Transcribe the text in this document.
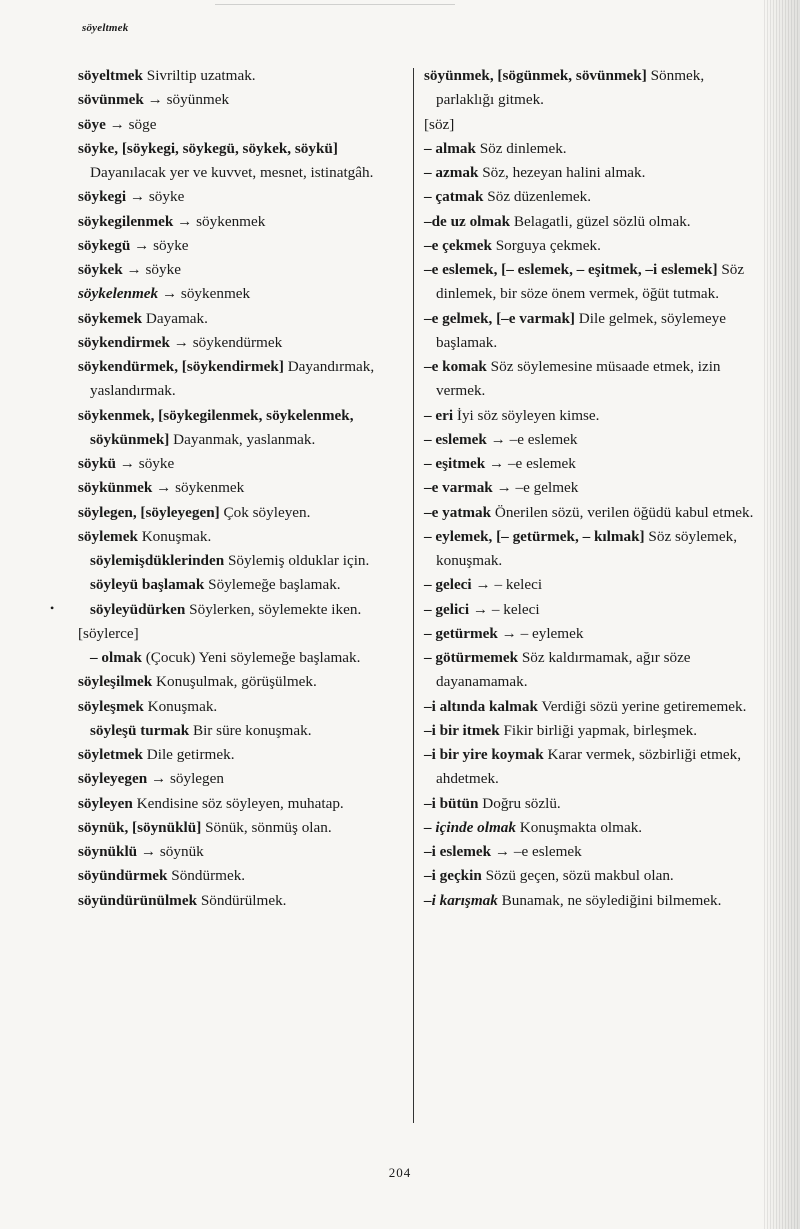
söyeltmek
söyeltmek Sivriltip uzatmak.
sövünmek → söyünmek
söye → söge
söyke, [söykegi, söykegü, söykek, söykü] Dayanılacak yer ve kuvvet, mesnet, istinatgâh.
söykegi → söyke
söykegilenmek → söykenmek
söykegü → söyke
söykek → söyke
söykelenmek → söykenmek
söykemek Dayamak.
söykendirmek → söykendürmek
söykendürmek, [söykendirmek] Dayandırmak, yaslandırmak.
söykenmek, [söykegilenmek, söykelenmek, söykünmek] Dayanmak, yaslanmak.
söykü → söyke
söykünmek → söykenmek
söylegen, [söyleyegen] Çok söyleyen.
söylemek Konuşmak.
söylemişdüklerinden Söylemiş olduklar için.
söyleyü başlamak Söylemeğe başlamak.
söyleyüdürken Söylerken, söylemekte iken.
[söylerce]
– olmak (Çocuk) Yeni söylemeğe başlamak.
söyleşilmek Konuşulmak, görüşülmek.
söyleşmek Konuşmak.
söyleşü turmak Bir süre konuşmak.
söyletmek Dile getirmek.
söyleyegen → söylegen
söyleyen Kendisine söz söyleyen, muhatap.
söynük, [söynüklü] Sönük, sönmüş olan.
söynüklü → söynük
söyündürmek Söndürmek.
söyündürünülmek Söndürülmek.
söyünmek, [sögünmek, sövünmek] Sönmek, parlaklığı gitmek.
[söz]
– almak Söz dinlemek.
– azmak Söz, hezeyan halini almak.
– çatmak Söz düzenlemek.
–de uz olmak Belagatli, güzel sözlü olmak.
–e çekmek Sorguya çekmek.
–e eslemek, [– eslemek, – eşitmek, –i eslemek] Söz dinlemek, bir söze önem vermek, öğüt tutmak.
–e gelmek, [–e varmak] Dile gelmek, söylemeye başlamak.
–e komak Söz söylemesine müsaade etmek, izin vermek.
– eri İyi söz söyleyen kimse.
– eslemek → –e eslemek
– eşitmek → –e eslemek
–e varmak → –e gelmek
–e yatmak Önerilen sözü, verilen öğüdü kabul etmek.
– eylemek, [– getürmek, – kılmak] Söz söylemek, konuşmak.
– geleci → – keleci
– gelici → – keleci
– getürmek → – eylemek
– götürmemek Söz kaldırmamak, ağır söze dayanamamak.
–i altında kalmak Verdiği sözü yerine getirememek.
–i bir itmek Fikir birliği yapmak, birleşmek.
–i bir yire koymak Karar vermek, sözbirliği etmek, ahdetmek.
–i bütün Doğru sözlü.
– içinde olmak Konuşmakta olmak.
–i eslemek → –e eslemek
–i geçkin Sözü geçen, sözü makbul olan.
–i karışmak Bunamak, ne söylediğini bilmemek.
•
204
